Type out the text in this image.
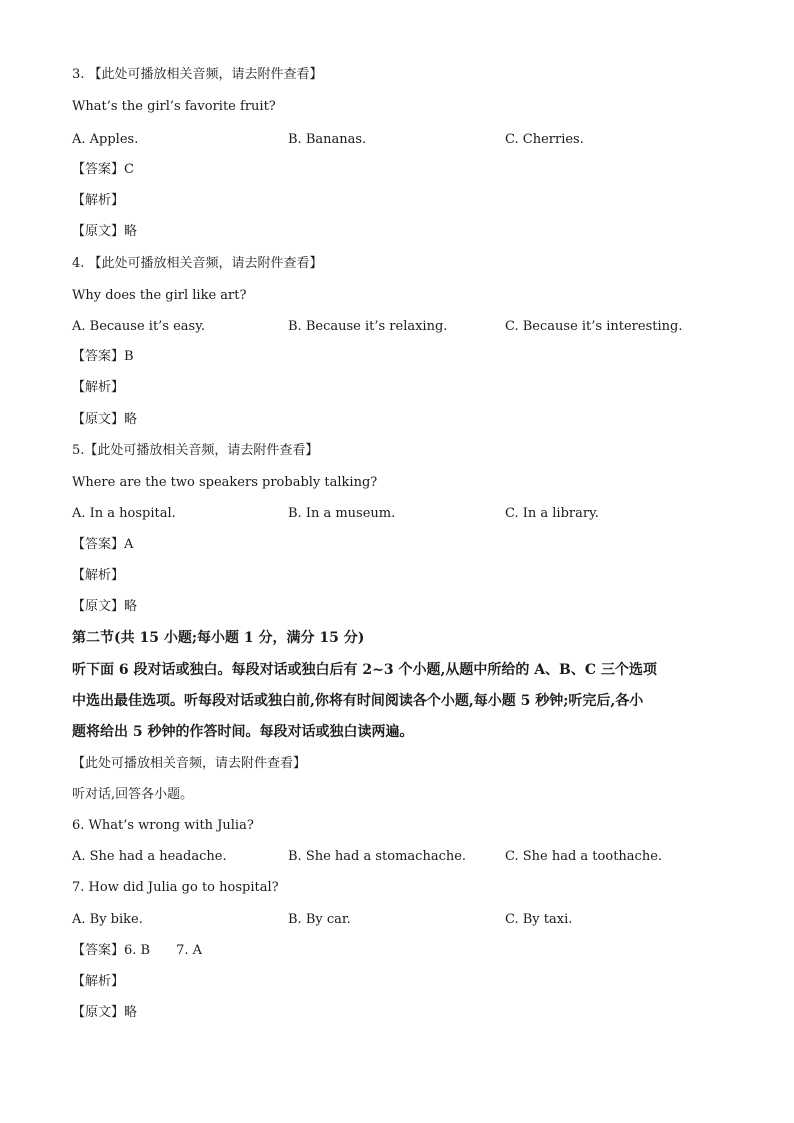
3. 【此处可播放相关音频，请去附件查看】
What’s the girl’s favorite fruit?
A. Apples.	B. Bananas.	C. Cherries.
【答案】C
【解析】
【原文】略
4. 【此处可播放相关音频，请去附件查看】
Why does the girl like art?
A. Because it’s easy.	B. Because it’s relaxing.	C. Because it’s interesting.
【答案】B
【解析】
【原文】略
5.【此处可播放相关音频，请去附件查看】
Where are the two speakers probably talking?
A. In a hospital.	B. In a museum.	C. In a library.
【答案】A
【解析】
【原文】略
第二节(共 15 小题;每小题 1 分，满分 15 分)
听下面 6 段对话或独白。每段对话或独白后有 2~3 个小题,从题中所给的 A、B、C 三个选项
中选出最佳选项。听每段对话或独白前,你将有时间阅读各个小题,每小题 5 秒钟;听完后,各小
题将给出 5 秒钟的作答时间。每段对话或独白读两遍。
【此处可播放相关音频，请去附件查看】
听对话,回答各小题。
6. What’s wrong with Julia?
A. She had a headache.	B. She had a stomachache.	C. She had a toothache.
7. How did Julia go to hospital?
A. By bike.	B. By car.	C. By taxi.
【答案】6. B 7. A
【解析】
【原文】略
